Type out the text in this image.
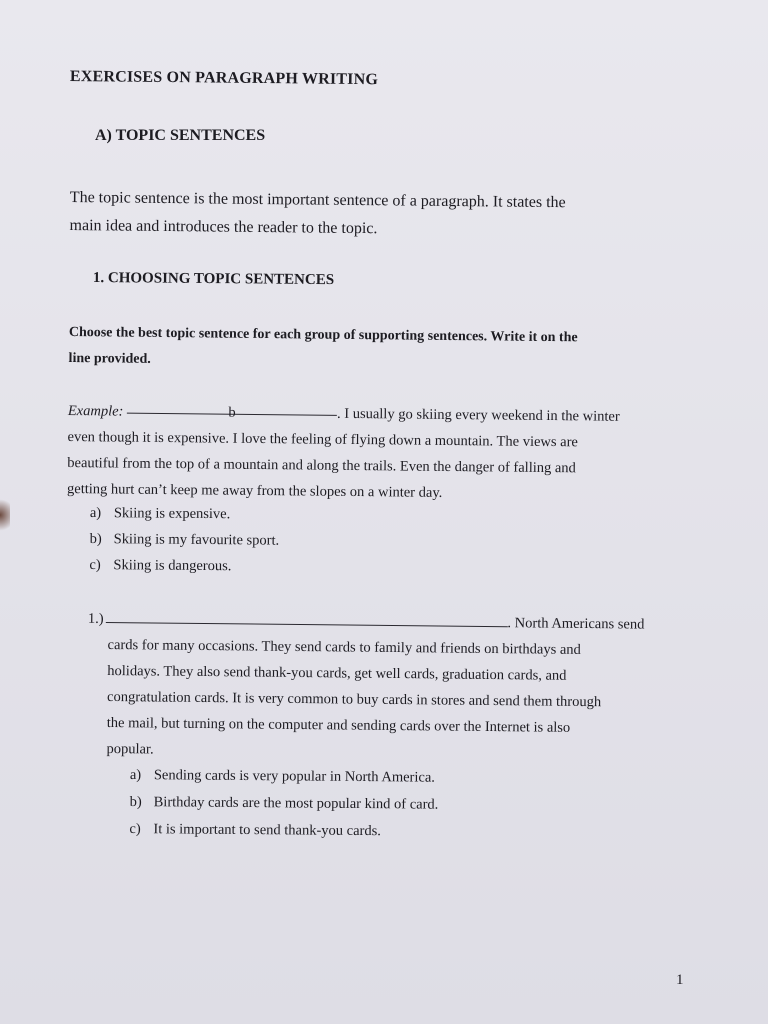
EXERCISES ON PARAGRAPH WRITING
A) TOPIC SENTENCES
The topic sentence is the most important sentence of a paragraph. It states the
main idea and introduces the reader to the topic.
1. CHOOSING TOPIC SENTENCES
Choose the best topic sentence for each group of supporting sentences. Write it on the
line provided.
Example:	b	. I usually go skiing every weekend in the winter
even though it is expensive. I love the feeling of flying down a mountain. The views are
beautiful from the top of a mountain and along the trails. Even the danger of falling and
getting hurt can’t keep me away from the slopes on a winter day.
a) Skiing is expensive.
b) Skiing is my favourite sport.
c) Skiing is dangerous.
1.)	. North Americans send
cards for many occasions. They send cards to family and friends on birthdays and
holidays. They also send thank-you cards, get well cards, graduation cards, and
congratulation cards. It is very common to buy cards in stores and send them through
the mail, but turning on the computer and sending cards over the Internet is also
popular.
a) Sending cards is very popular in North America.
b) Birthday cards are the most popular kind of card.
c) It is important to send thank-you cards.
1
